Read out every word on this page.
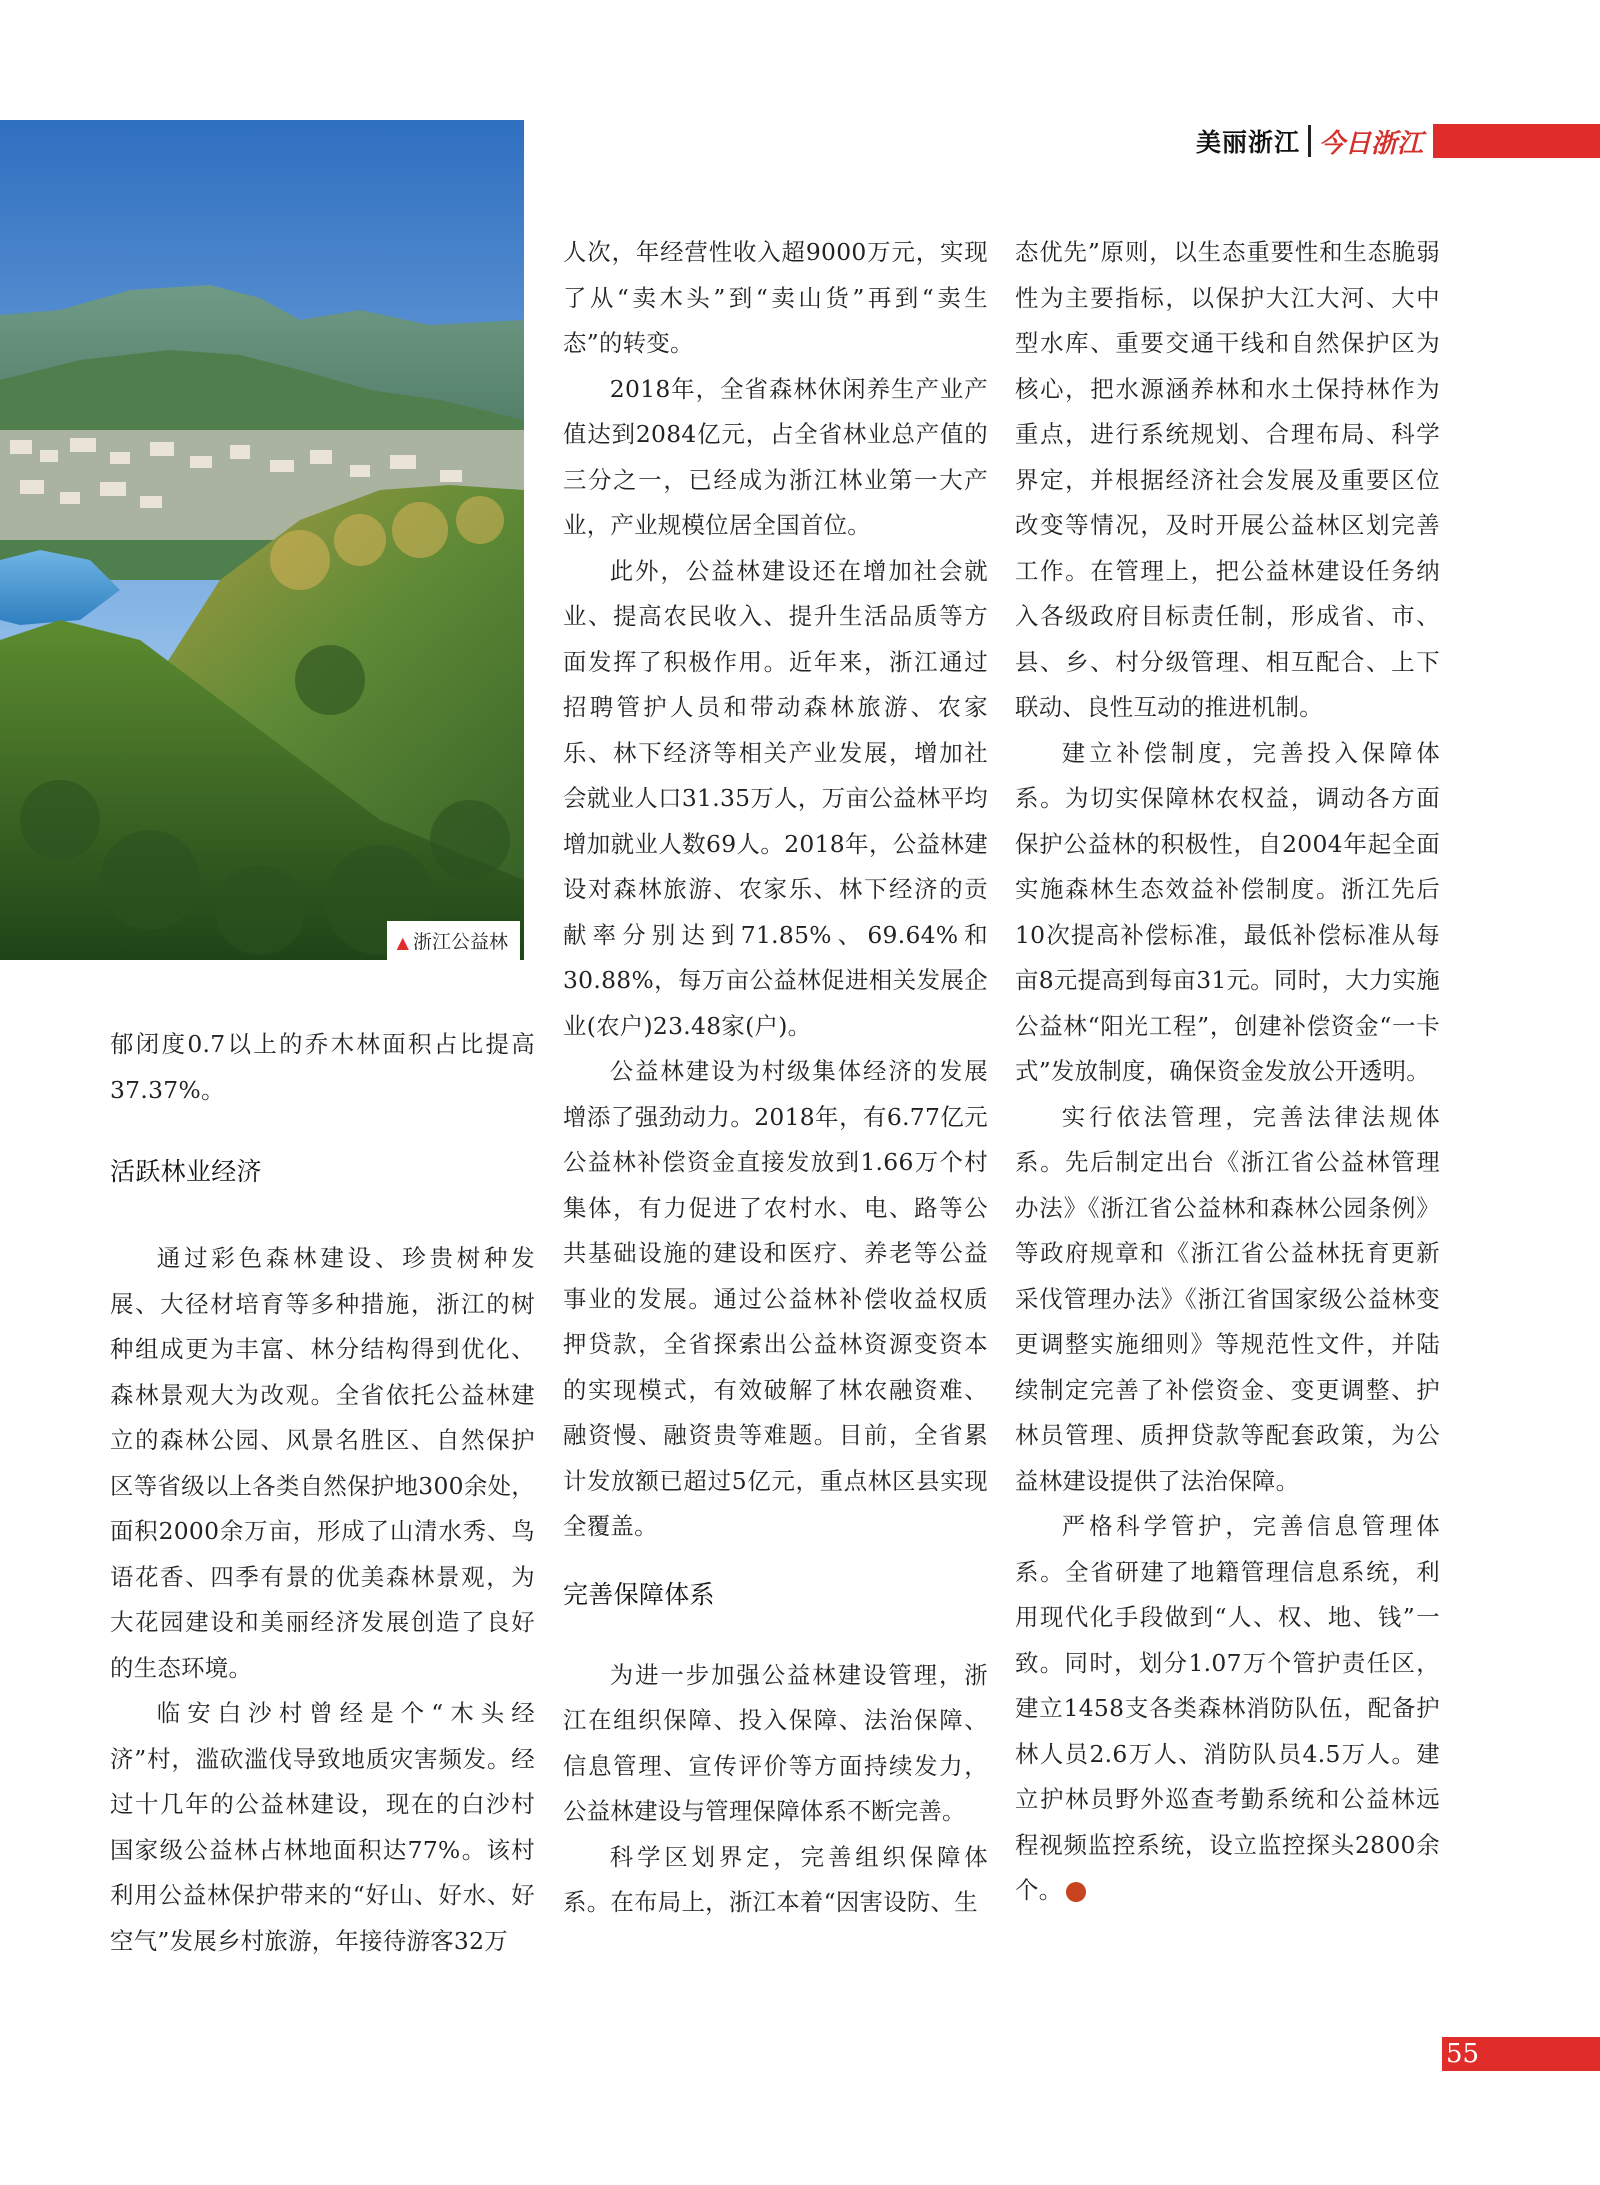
美丽浙江 今日浙江
▲ 浙江公益林

郁闭度0.7以上的乔木林面积占比提高37.37%。

活跃林业经济

通过彩色森林建设、珍贵树种发展、大径材培育等多种措施，浙江的树种组成更为丰富、林分结构得到优化、森林景观大为改观。全省依托公益林建立的森林公园、风景名胜区、自然保护区等省级以上各类自然保护地300余处，面积2000余万亩，形成了山清水秀、鸟语花香、四季有景的优美森林景观，为大花园建设和美丽经济发展创造了良好的生态环境。

临安白沙村曾经是个“木头经济”村，滥砍滥伐导致地质灾害频发。经过十几年的公益林建设，现在的白沙村国家级公益林占林地面积达77%。该村利用公益林保护带来的“好山、好水、好空气”发展乡村旅游，年接待游客32万

人次，年经营性收入超9000万元，实现了从“卖木头”到“卖山货”再到“卖生态”的转变。

2018年，全省森林休闲养生产业产值达到2084亿元，占全省林业总产值的三分之一，已经成为浙江林业第一大产业，产业规模位居全国首位。

此外，公益林建设还在增加社会就业、提高农民收入、提升生活品质等方面发挥了积极作用。近年来，浙江通过招聘管护人员和带动森林旅游、农家乐、林下经济等相关产业发展，增加社会就业人口31.35万人，万亩公益林平均增加就业人数69人。2018年，公益林建设对森林旅游、农家乐、林下经济的贡献率分别达到71.85%、69.64%和30.88%，每万亩公益林促进相关发展企业(农户)23.48家(户)。

公益林建设为村级集体经济的发展增添了强劲动力。2018年，有6.77亿元公益林补偿资金直接发放到1.66万个村集体，有力促进了农村水、电、路等公共基础设施的建设和医疗、养老等公益事业的发展。通过公益林补偿收益权质押贷款，全省探索出公益林资源变资本的实现模式，有效破解了林农融资难、融资慢、融资贵等难题。目前，全省累计发放额已超过5亿元，重点林区县实现全覆盖。

完善保障体系

为进一步加强公益林建设管理，浙江在组织保障、投入保障、法治保障、信息管理、宣传评价等方面持续发力，公益林建设与管理保障体系不断完善。

科学区划界定，完善组织保障体系。在布局上，浙江本着“因害设防、生

态优先”原则，以生态重要性和生态脆弱性为主要指标，以保护大江大河、大中型水库、重要交通干线和自然保护区为核心，把水源涵养林和水土保持林作为重点，进行系统规划、合理布局、科学界定，并根据经济社会发展及重要区位改变等情况，及时开展公益林区划完善工作。在管理上，把公益林建设任务纳入各级政府目标责任制，形成省、市、县、乡、村分级管理、相互配合、上下联动、良性互动的推进机制。

建立补偿制度，完善投入保障体系。为切实保障林农权益，调动各方面保护公益林的积极性，自2004年起全面实施森林生态效益补偿制度。浙江先后10次提高补偿标准，最低补偿标准从每亩8元提高到每亩31元。同时，大力实施公益林“阳光工程”，创建补偿资金“一卡式”发放制度，确保资金发放公开透明。

实行依法管理，完善法律法规体系。先后制定出台《浙江省公益林管理办法》《浙江省公益林和森林公园条例》等政府规章和《浙江省公益林抚育更新采伐管理办法》《浙江省国家级公益林变更调整实施细则》等规范性文件，并陆续制定完善了补偿资金、变更调整、护林员管理、质押贷款等配套政策，为公益林建设提供了法治保障。

严格科学管护，完善信息管理体系。全省研建了地籍管理信息系统，利用现代化手段做到“人、权、地、钱”一致。同时，划分1.07万个管护责任区，建立1458支各类森林消防队伍，配备护林人员2.6万人、消防队员4.5万人。建立护林员野外巡查考勤系统和公益林远程视频监控系统，设立监控探头2800余个。

55
